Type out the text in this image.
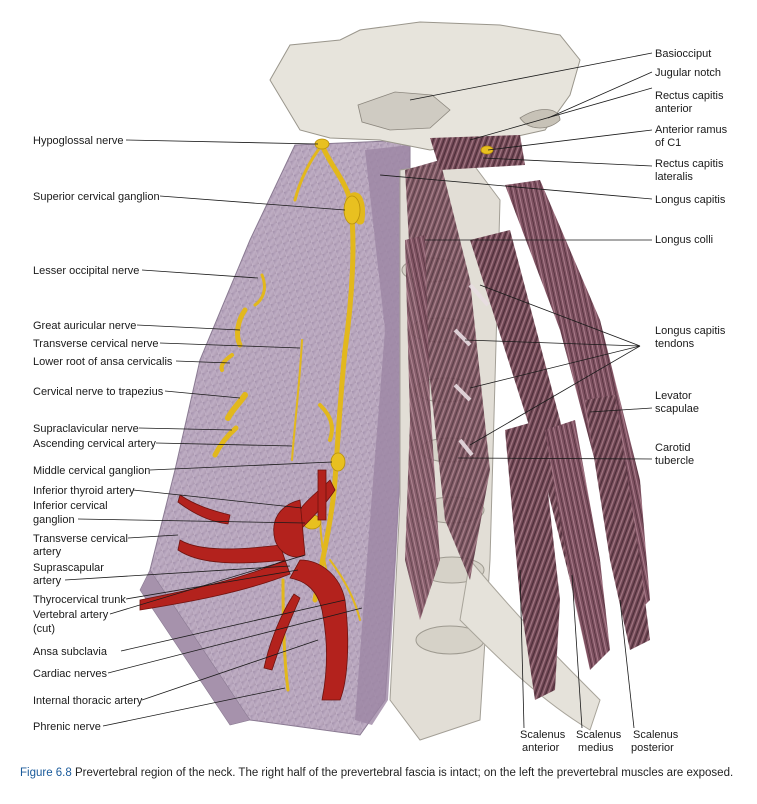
Hypoglossal nerve
Superior cervical ganglion
Lesser occipital nerve
Great auricular nerve
Transverse cervical nerve
Lower root of ansa cervicalis
Cervical nerve to trapezius
Supraclavicular nerve
Ascending cervical artery
Middle cervical ganglion
Inferior thyroid artery
Inferior cervical
ganglion
Transverse cervical
artery
Suprascapular
artery
Thyrocervical trunk
Vertebral artery
(cut)
Ansa subclavia
Cardiac nerves
Internal thoracic artery
Phrenic nerve
Basiocciput
Jugular notch
Rectus capitis
anterior
Anterior ramus
of C1
Rectus capitis
lateralis
Longus capitis
Longus colli
Longus capitis
tendons
Levator
scapulae
Carotid
tubercle
Scalenus
anterior
Scalenus
medius
Scalenus
posterior
Figure 6.8 Prevertebral region of the neck. The right half of the prevertebral fascia is intact; on the left the prevertebral muscles are exposed.
